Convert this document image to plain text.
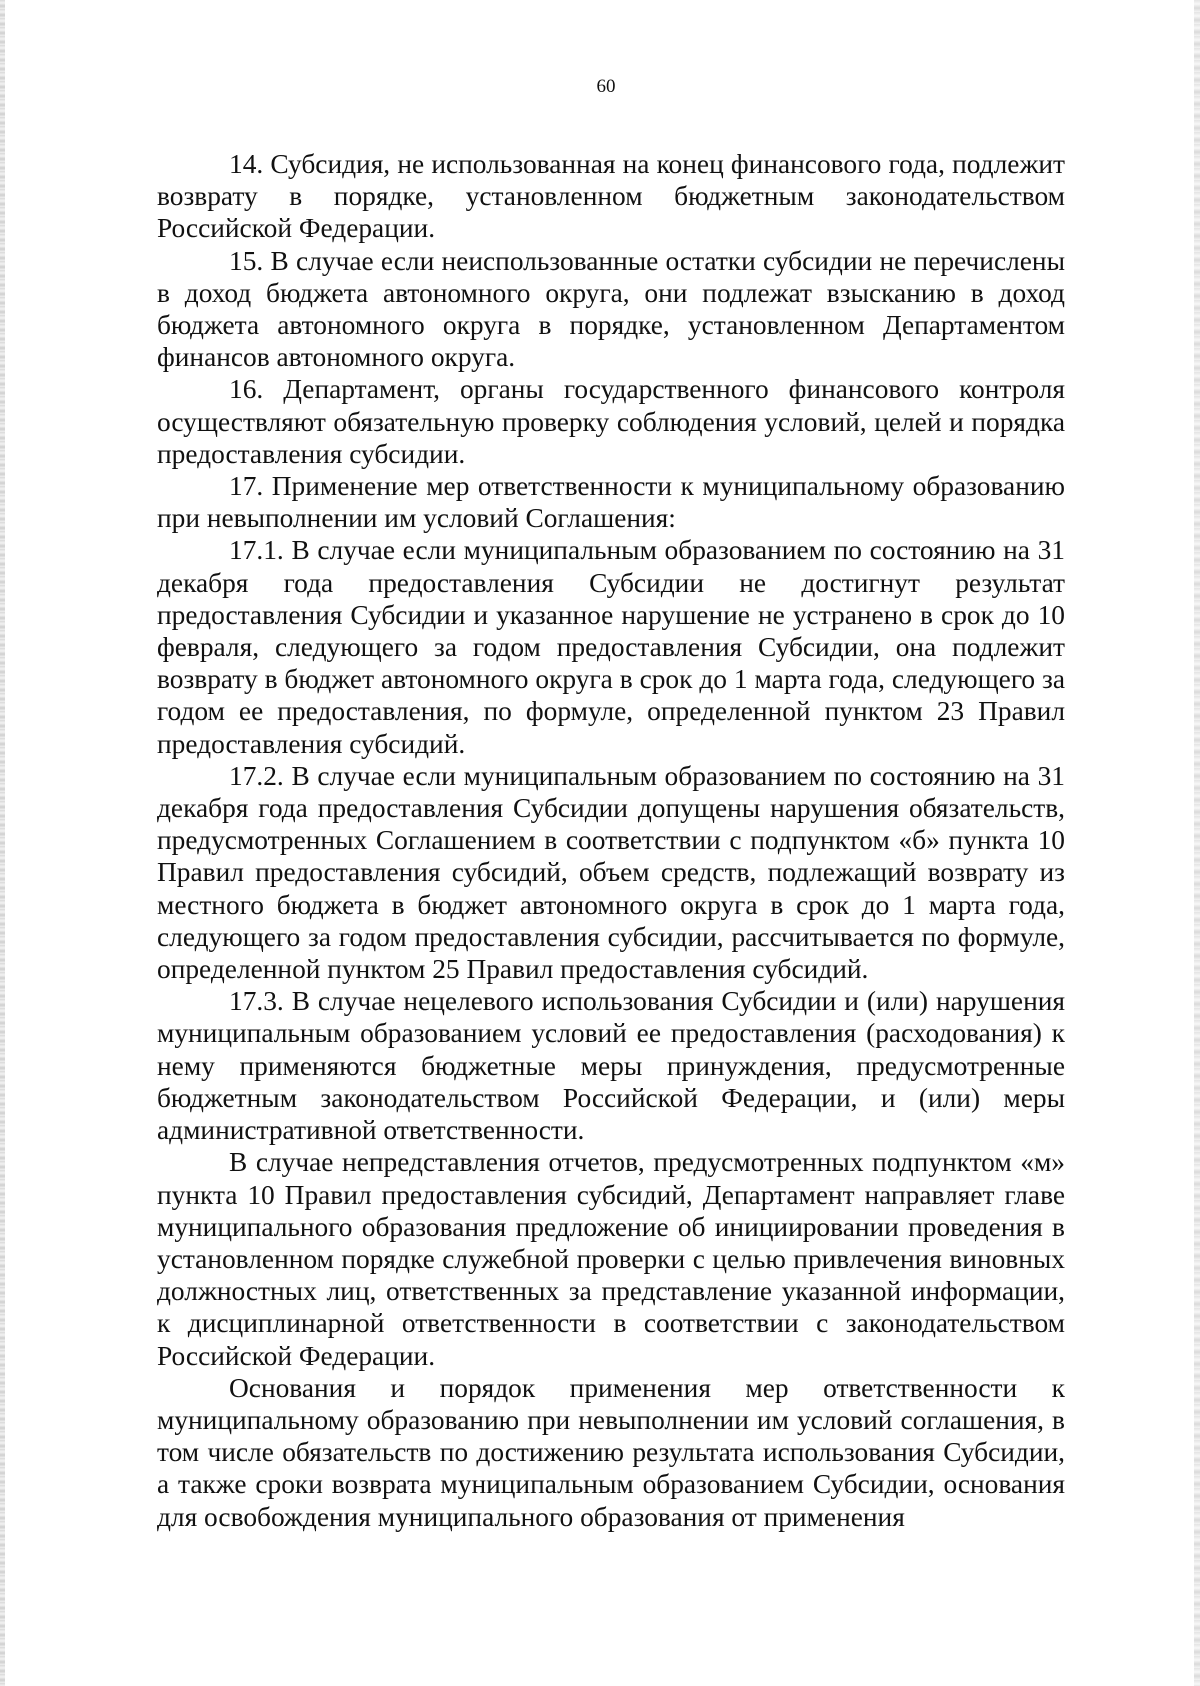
60

14. Субсидия, не использованная на конец финансового года, подлежит возврату в порядке, установленном бюджетным законодательством Российской Федерации.

15. В случае если неиспользованные остатки субсидии не перечислены в доход бюджета автономного округа, они подлежат взысканию в доход бюджета автономного округа в порядке, установленном Департаментом финансов автономного округа.

16. Департамент, органы государственного финансового контроля осуществляют обязательную проверку соблюдения условий, целей и порядка предоставления субсидии.

17. Применение мер ответственности к муниципальному образованию при невыполнении им условий Соглашения:

17.1. В случае если муниципальным образованием по состоянию на 31 декабря года предоставления Субсидии не достигнут результат предоставления Субсидии и указанное нарушение не устранено в срок до 10 февраля, следующего за годом предоставления Субсидии, она подлежит возврату в бюджет автономного округа в срок до 1 марта года, следующего за годом ее предоставления, по формуле, определенной пунктом 23 Правил предоставления субсидий.

17.2. В случае если муниципальным образованием по состоянию на 31 декабря года предоставления Субсидии допущены нарушения обязательств, предусмотренных Соглашением в соответствии с подпунктом «б» пункта 10 Правил предоставления субсидий, объем средств, подлежащий возврату из местного бюджета в бюджет автономного округа в срок до 1 марта года, следующего за годом предоставления субсидии, рассчитывается по формуле, определенной пунктом 25 Правил предоставления субсидий.

17.3. В случае нецелевого использования Субсидии и (или) нарушения муниципальным образованием условий ее предоставления (расходования) к нему применяются бюджетные меры принуждения, предусмотренные бюджетным законодательством Российской Федерации, и (или) меры административной ответственности.

В случае непредставления отчетов, предусмотренных подпунктом «м» пункта 10 Правил предоставления субсидий, Департамент направляет главе муниципального образования предложение об инициировании проведения в установленном порядке служебной проверки с целью привлечения виновных должностных лиц, ответственных за представление указанной информации, к дисциплинарной ответственности в соответствии с законодательством Российской Федерации.

Основания и порядок применения мер ответственности к муниципальному образованию при невыполнении им условий соглашения, в том числе обязательств по достижению результата использования Субсидии, а также сроки возврата муниципальным образованием Субсидии, основания для освобождения муниципального образования от применения
